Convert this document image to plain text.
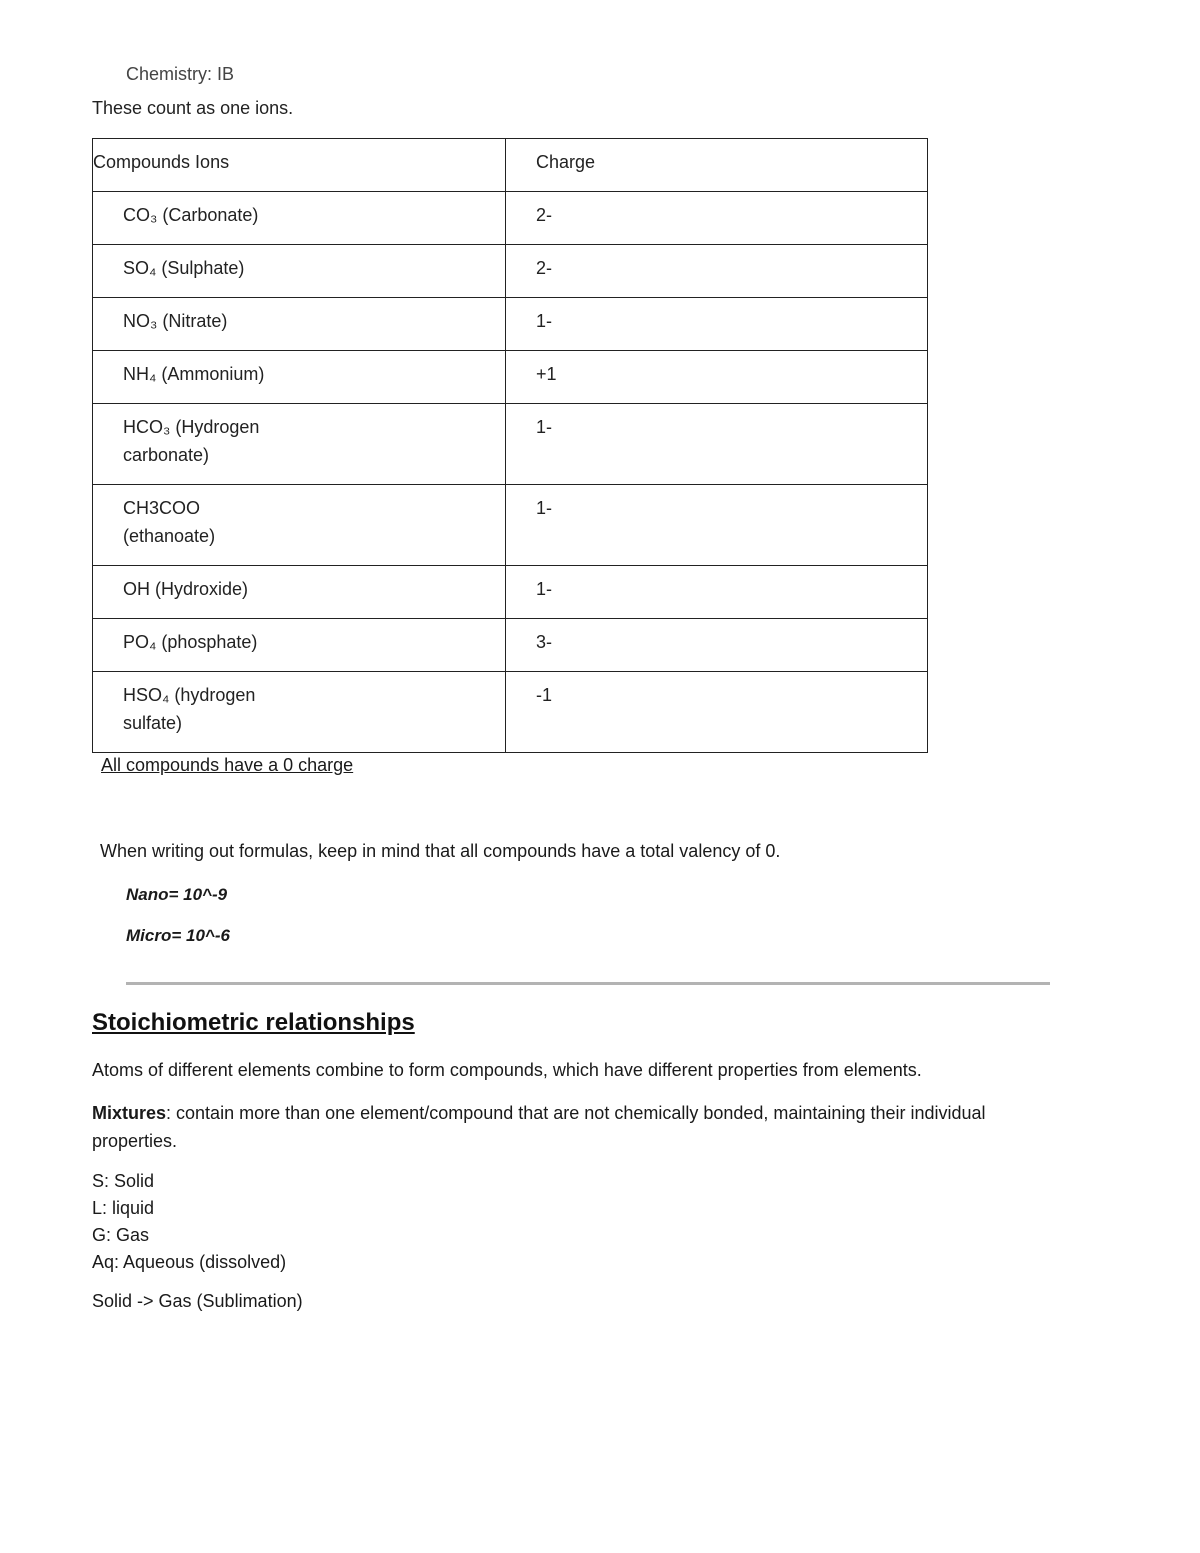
Chemistry: IB
These count as one ions.
Compounds Ions	Charge
CO₃ (Carbonate)	2-
SO₄ (Sulphate)	2-
NO₃ (Nitrate)	1-
NH₄ (Ammonium)	+1

HCO₃ (Hydrogen carbonate)	1-

CH3COO (ethanoate)	1-
OH (Hydroxide)	1-
PO₄ (phosphate)	3-

HSO₄ (hydrogen sulfate)	-1
All compounds have a 0 charge
When writing out formulas, keep in mind that all compounds have a total valency of 0.
Nano= 10^-9
Micro= 10^-6
Stoichiometric relationships
Atoms of different elements combine to form compounds, which have different properties from elements.
Mixtures: contain more than one element/compound that are not chemically bonded, maintaining their individual properties.
S: Solid
L: liquid
G: Gas
Aq: Aqueous (dissolved)
Solid -> Gas (Sublimation)
